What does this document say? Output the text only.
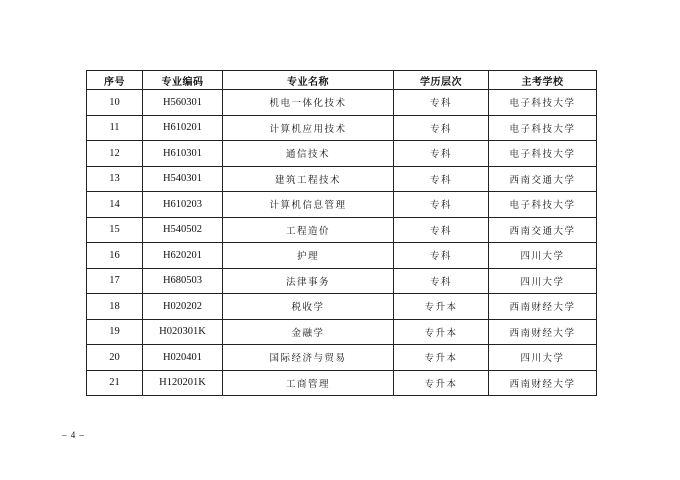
序号	专业编码	专业名称	学历层次	主考学校
10	H560301	机电一体化技术	专科	电子科技大学
11	H610201	计算机应用技术	专科	电子科技大学
12	H610301	通信技术	专科	电子科技大学
13	H540301	建筑工程技术	专科	西南交通大学
14	H610203	计算机信息管理	专科	电子科技大学
15	H540502	工程造价	专科	西南交通大学
16	H620201	护理	专科	四川大学
17	H680503	法律事务	专科	四川大学
18	H020202	税收学	专升本	西南财经大学
19	H020301K	金融学	专升本	西南财经大学
20	H020401	国际经济与贸易	专升本	四川大学
21	H120201K	工商管理	专升本	西南财经大学
– 4 –
